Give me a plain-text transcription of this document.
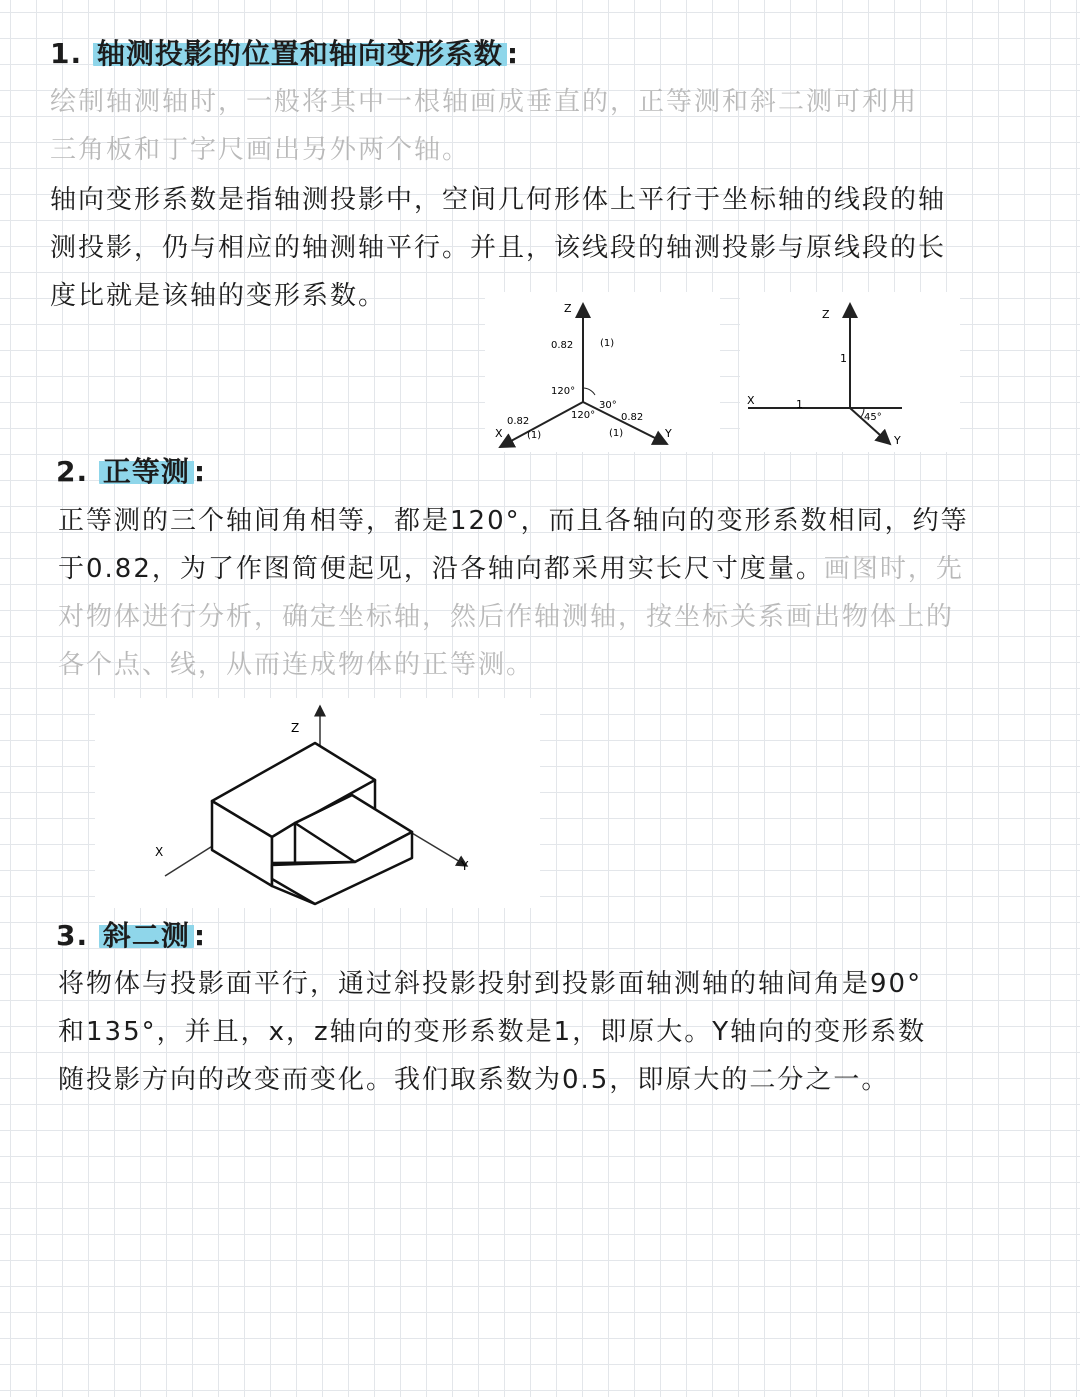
1. 轴测投影的位置和轴向变形系数 :
绘制轴测轴时，一般将其中一根轴画成垂直的，正等测和斜二测可利用
三角板和丁字尺画出另外两个轴。
轴向变形系数是指轴测投影中，空间几何形体上平行于坐标轴的线段的轴
测投影，仍与相应的轴测轴平行。并且，该线段的轴测投影与原线段的长
度比就是该轴的变形系数。	Z
X	Y
0.82	(1)
0.82
(1)
0.82
(1)
120°
120°
30°
Z
X
Y
1
1
45°
2. 正等测 :
正等测的三个轴间角相等，都是120°，而且各轴向的变形系数相同，约等
于0.82，为了作图简便起见，沿各轴向都采用实长尺寸度量。画图时，先
对物体进行分析，确定坐标轴，然后作轴测轴，按坐标关系画出物体上的
各个点、线，从而连成物体的正等测。
Z
X
Y
3. 斜二测 :
将物体与投影面平行，通过斜投影投射到投影面轴测轴的轴间角是90°
和135°，并且，x，z轴向的变形系数是1，即原大。Y轴向的变形系数
随投影方向的改变而变化。我们取系数为0.5，即原大的二分之一。
